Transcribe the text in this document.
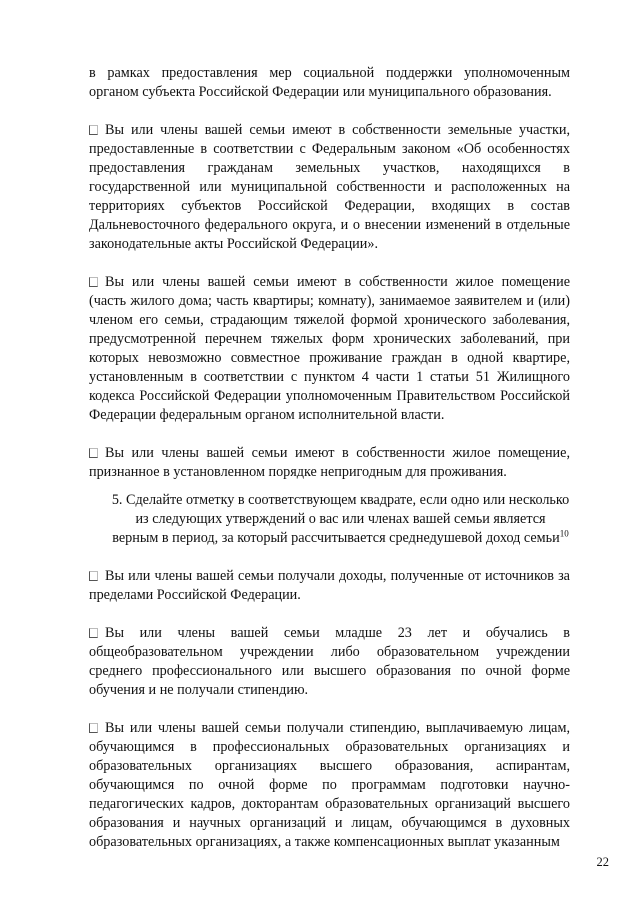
в рамках предоставления мер социальной поддержки уполномоченным органом субъекта Российской Федерации или муниципального образования.

Вы или члены вашей семьи имеют в собственности земельные участки, предоставленные в соответствии с Федеральным законом «Об особенностях предоставления гражданам земельных участков, находящихся в государственной или муниципальной собственности и расположенных на территориях субъектов Российской Федерации, входящих в состав Дальневосточного федерального округа, и о внесении изменений в отдельные законодательные акты Российской Федерации».

Вы или члены вашей семьи имеют в собственности жилое помещение (часть жилого дома; часть квартиры; комнату), занимаемое заявителем и (или) членом его семьи, страдающим тяжелой формой хронического заболевания, предусмотренной перечнем тяжелых форм хронических заболеваний, при которых невозможно совместное проживание граждан в одной квартире, установленным в соответствии с пунктом 4 части 1 статьи 51 Жилищного кодекса Российской Федерации уполномоченным Правительством Российской Федерации федеральным органом исполнительной власти.

Вы или члены вашей семьи имеют в собственности жилое помещение, признанное в установленном порядке непригодным для проживания.

5. Сделайте отметку в соответствующем квадрате, если одно или несколько из следующих утверждений о вас или членах вашей семьи является верным в период, за который рассчитывается среднедушевой доход семьи$^{10}$

Вы или члены вашей семьи получали доходы, полученные от источников за пределами Российской Федерации.

Вы или члены вашей семьи младше 23 лет и обучались в общеобразовательном учреждении либо образовательном учреждении среднего профессионального или высшего образования по очной форме обучения и не получали стипендию.

Вы или члены вашей семьи получали стипендию, выплачиваемую лицам, обучающимся в профессиональных образовательных организациях и образовательных организациях высшего образования, аспирантам, обучающимся по очной форме по программам подготовки научно-педагогических кадров, докторантам образовательных организаций высшего образования и научных организаций и лицам, обучающимся в духовных образовательных организациях, а также компенсационных выплат указанным

22
